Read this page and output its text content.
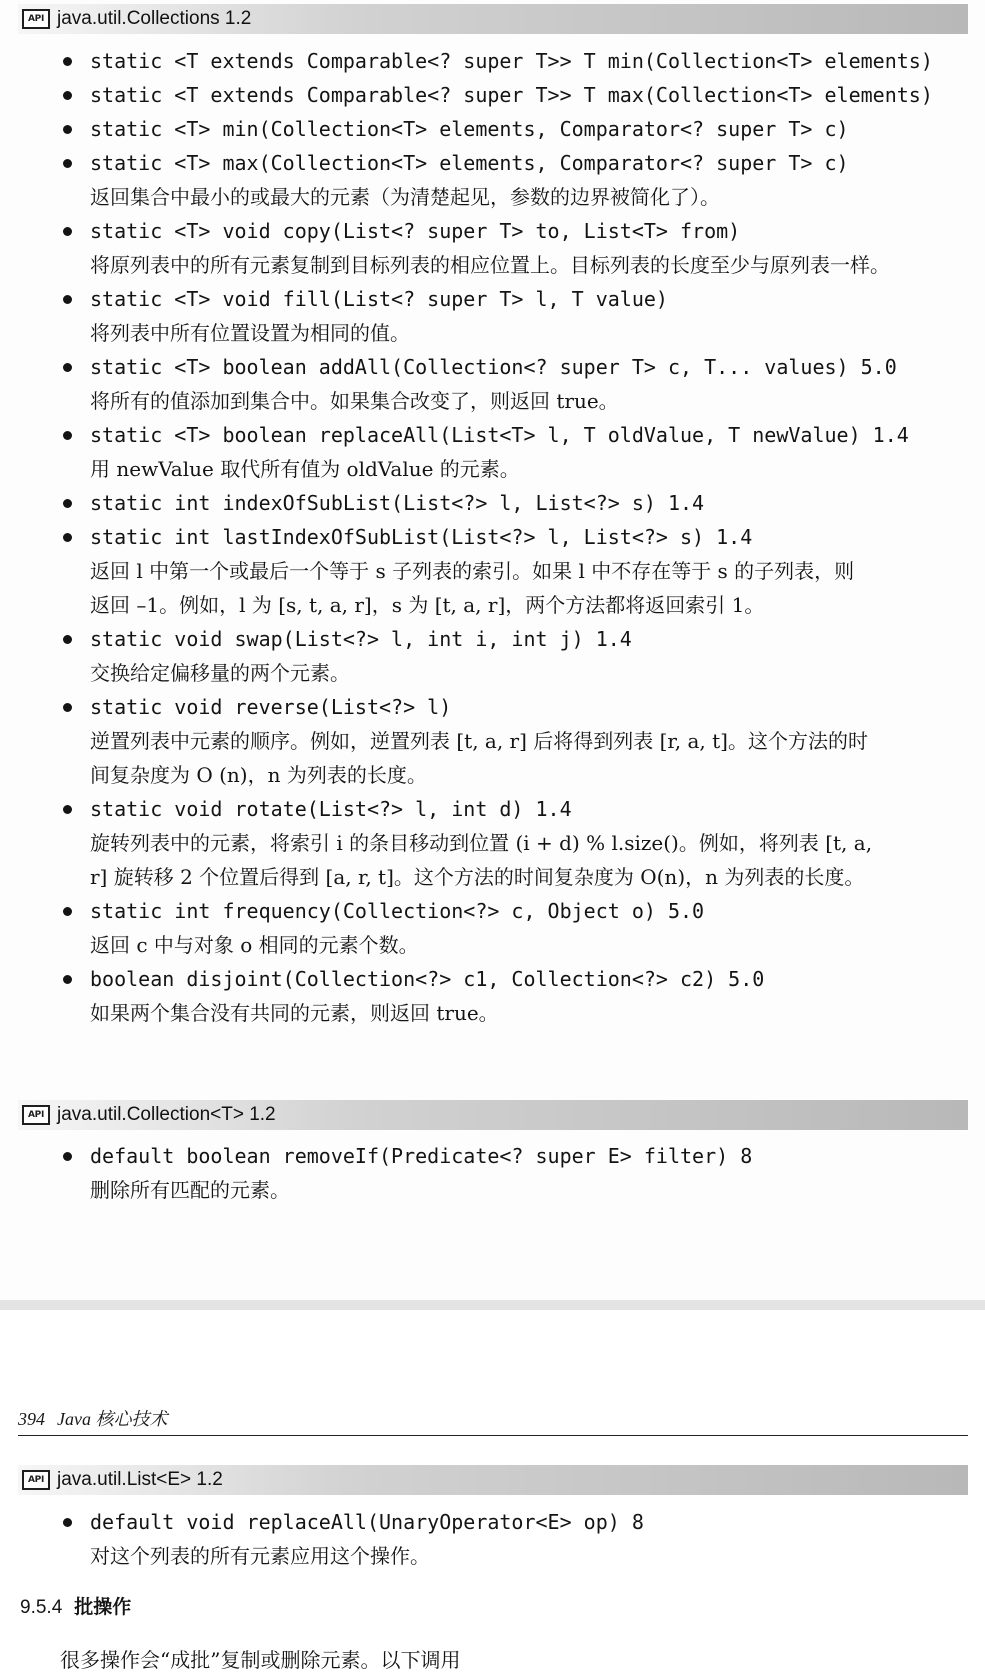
API java.util.Collections 1.2
static <T extends Comparable<? super T>> T min(Collection<T> elements)
static <T extends Comparable<? super T>> T max(Collection<T> elements)
static <T> min(Collection<T> elements, Comparator<? super T> c)
static <T> max(Collection<T> elements, Comparator<? super T> c)
返回集合中最小的或最大的元素（为清楚起见，参数的边界被简化了）。
static <T> void copy(List<? super T> to, List<T> from)
将原列表中的所有元素复制到目标列表的相应位置上。目标列表的长度至少与原列表一样。
static <T> void fill(List<? super T> l, T value)
将列表中所有位置设置为相同的值。
static <T> boolean addAll(Collection<? super T> c, T... values) 5.0
将所有的值添加到集合中。如果集合改变了，则返回 true。
static <T> boolean replaceAll(List<T> l, T oldValue, T newValue) 1.4
用 newValue 取代所有值为 oldValue 的元素。
static int indexOfSubList(List<?> l, List<?> s) 1.4
static int lastIndexOfSubList(List<?> l, List<?> s) 1.4
返回 l 中第一个或最后一个等于 s 子列表的索引。如果 l 中不存在等于 s 的子列表，则
返回 –1。例如，l 为 [s, t, a, r]，s 为 [t, a, r]，两个方法都将返回索引 1。
static void swap(List<?> l, int i, int j) 1.4
交换给定偏移量的两个元素。
static void reverse(List<?> l)
逆置列表中元素的顺序。例如，逆置列表 [t, a, r] 后将得到列表 [r, a, t]。这个方法的时
间复杂度为 O (n)，n 为列表的长度。
static void rotate(List<?> l, int d) 1.4
旋转列表中的元素，将索引 i 的条目移动到位置 (i + d) % l.size()。例如，将列表 [t, a,
r] 旋转移 2 个位置后得到 [a, r, t]。这个方法的时间复杂度为 O(n)，n 为列表的长度。
static int frequency(Collection<?> c, Object o) 5.0
返回 c 中与对象 o 相同的元素个数。
boolean disjoint(Collection<?> c1, Collection<?> c2) 5.0
如果两个集合没有共同的元素，则返回 true。
API java.util.Collection<T> 1.2
default boolean removeIf(Predicate<? super E> filter) 8
删除所有匹配的元素。
394 Java 核心技术
API java.util.List<E> 1.2
default void replaceAll(UnaryOperator<E> op) 8
对这个列表的所有元素应用这个操作。
9.5.4 批操作
很多操作会“成批”复制或删除元素。以下调用
